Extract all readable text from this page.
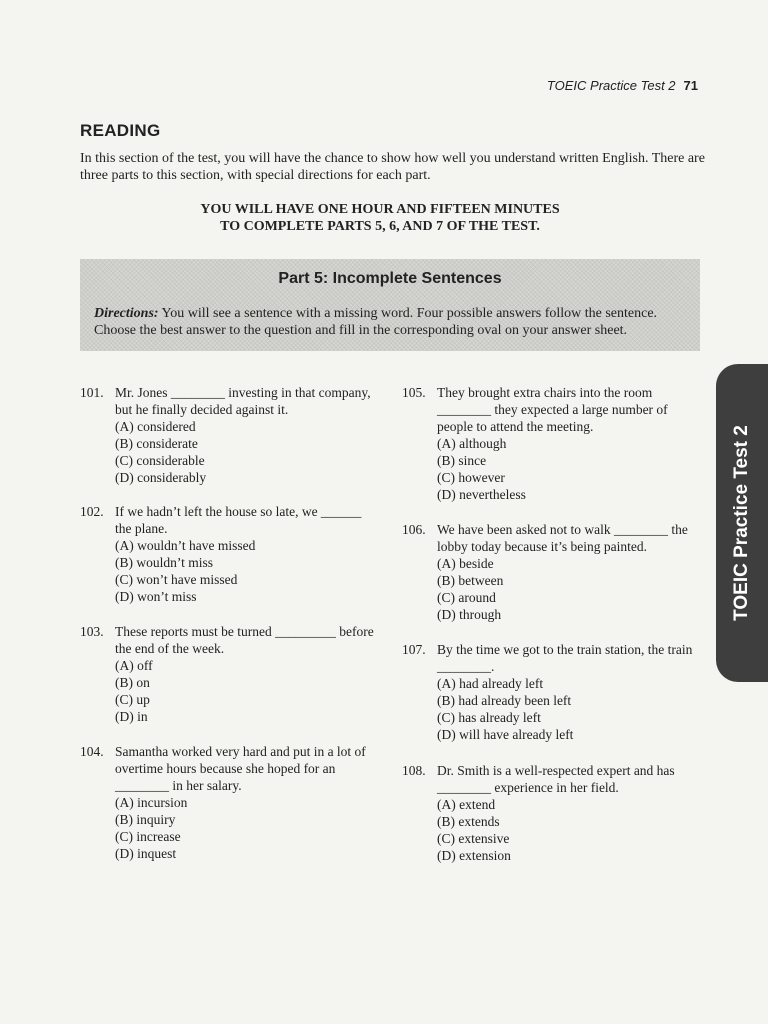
TOEIC Practice Test 2 71
READING
In this section of the test, you will have the chance to show how well you understand written English. There are three parts to this section, with special directions for each part.
YOU WILL HAVE ONE HOUR AND FIFTEEN MINUTES
TO COMPLETE PARTS 5, 6, AND 7 OF THE TEST.
Part 5: Incomplete Sentences
Directions: You will see a sentence with a missing word. Four possible answers follow the sentence. Choose the best answer to the question and fill in the corresponding oval on your answer sheet.
TOEIC Practice Test 2
101. Mr. Jones ________ investing in that company, but he finally decided against it.
(A) considered
(B) considerate
(C) considerable
(D) considerably
102. If we hadn’t left the house so late, we ______ the plane.
(A) wouldn’t have missed
(B) wouldn’t miss
(C) won’t have missed
(D) won’t miss
103. These reports must be turned _________ before the end of the week.
(A) off
(B) on
(C) up
(D) in
104. Samantha worked very hard and put in a lot of overtime hours because she hoped for an ________ in her salary.
(A) incursion
(B) inquiry
(C) increase
(D) inquest
105. They brought extra chairs into the room ________ they expected a large number of people to attend the meeting.
(A) although
(B) since
(C) however
(D) nevertheless
106. We have been asked not to walk ________ the lobby today because it’s being painted.
(A) beside
(B) between
(C) around
(D) through
107. By the time we got to the train station, the train ________.
(A) had already left
(B) had already been left
(C) has already left
(D) will have already left
108. Dr. Smith is a well-respected expert and has ________ experience in her field.
(A) extend
(B) extends
(C) extensive
(D) extension
